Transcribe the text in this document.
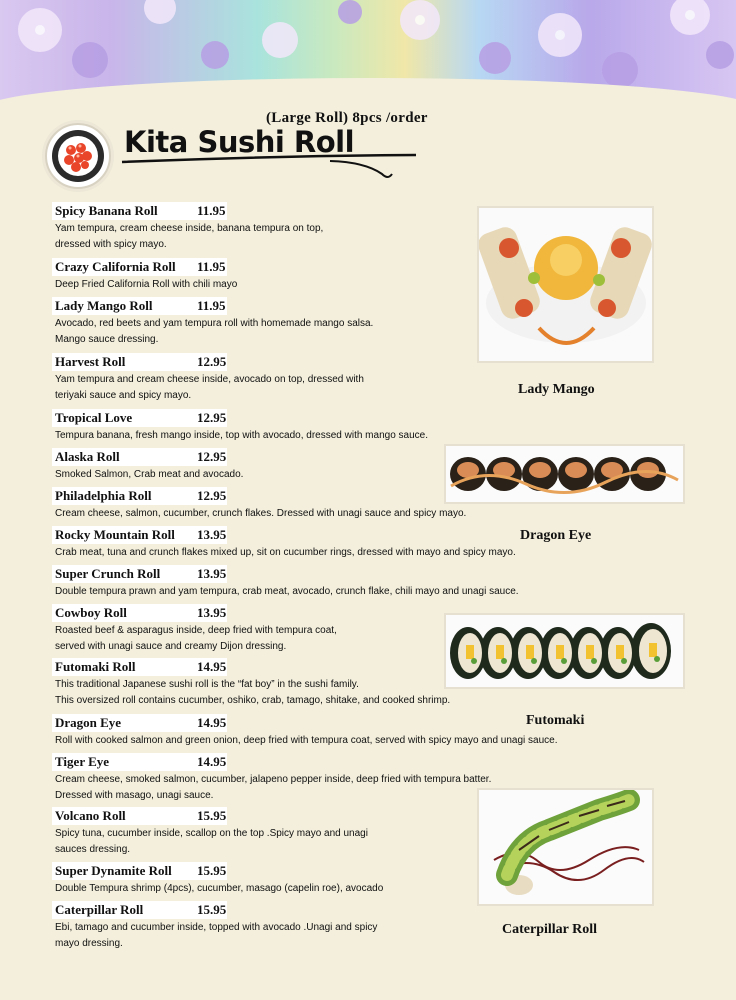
(Large Roll) 8pcs /order
Kita Sushi Roll
Spicy Banana Roll	11.95
Yam tempura, cream cheese inside, banana tempura on top,
dressed with spicy mayo.
Crazy California Roll 11.95
Deep Fried California Roll with chili mayo
Lady Mango Roll	11.95
Avocado, red beets and yam tempura roll with homemade mango salsa.
Mango sauce dressing.
Harvest Roll	12.95
Yam tempura and cream cheese inside, avocado on top, dressed with
teriyaki sauce and spicy mayo.
Tropical Love	12.95
Tempura banana, fresh mango inside, top with avocado, dressed with mango sauce.
Alaska Roll	12.95
Smoked Salmon, Crab meat and avocado.
Philadelphia Roll	12.95
Cream cheese, salmon, cucumber, crunch flakes. Dressed with unagi sauce and spicy mayo.
Rocky Mountain Roll 13.95
Crab meat, tuna and crunch flakes mixed up, sit on cucumber rings, dressed with mayo and spicy mayo.
Super Crunch Roll	13.95
Double tempura prawn and yam tempura, crab meat, avocado, crunch flake, chili mayo and unagi sauce.
Cowboy Roll	13.95
Roasted beef & asparagus inside, deep fried with tempura coat,
served with unagi sauce and creamy Dijon dressing.
Futomaki Roll	14.95
This traditional Japanese sushi roll is the “fat boy” in the sushi family.
This oversized roll contains cucumber, oshiko, crab, tamago, shitake, and cooked shrimp.
Dragon Eye	14.95
Roll with cooked salmon and green onion, deep fried with tempura coat, served with spicy mayo and unagi sauce.
Tiger Eye	14.95
Cream cheese, smoked salmon, cucumber, jalapeno pepper inside, deep fried with tempura batter.
Dressed with masago, unagi sauce.
Volcano Roll	15.95
Spicy tuna, cucumber inside, scallop on the top .Spicy mayo and unagi
sauces dressing.
Super Dynamite Roll 15.95
Double Tempura shrimp (4pcs), cucumber, masago (capelin roe), avocado
Caterpillar Roll	15.95
Ebi, tamago and cucumber inside, topped with avocado .Unagi and spicy
mayo dressing.
Lady Mango
Dragon Eye
Futomaki
Caterpillar Roll
